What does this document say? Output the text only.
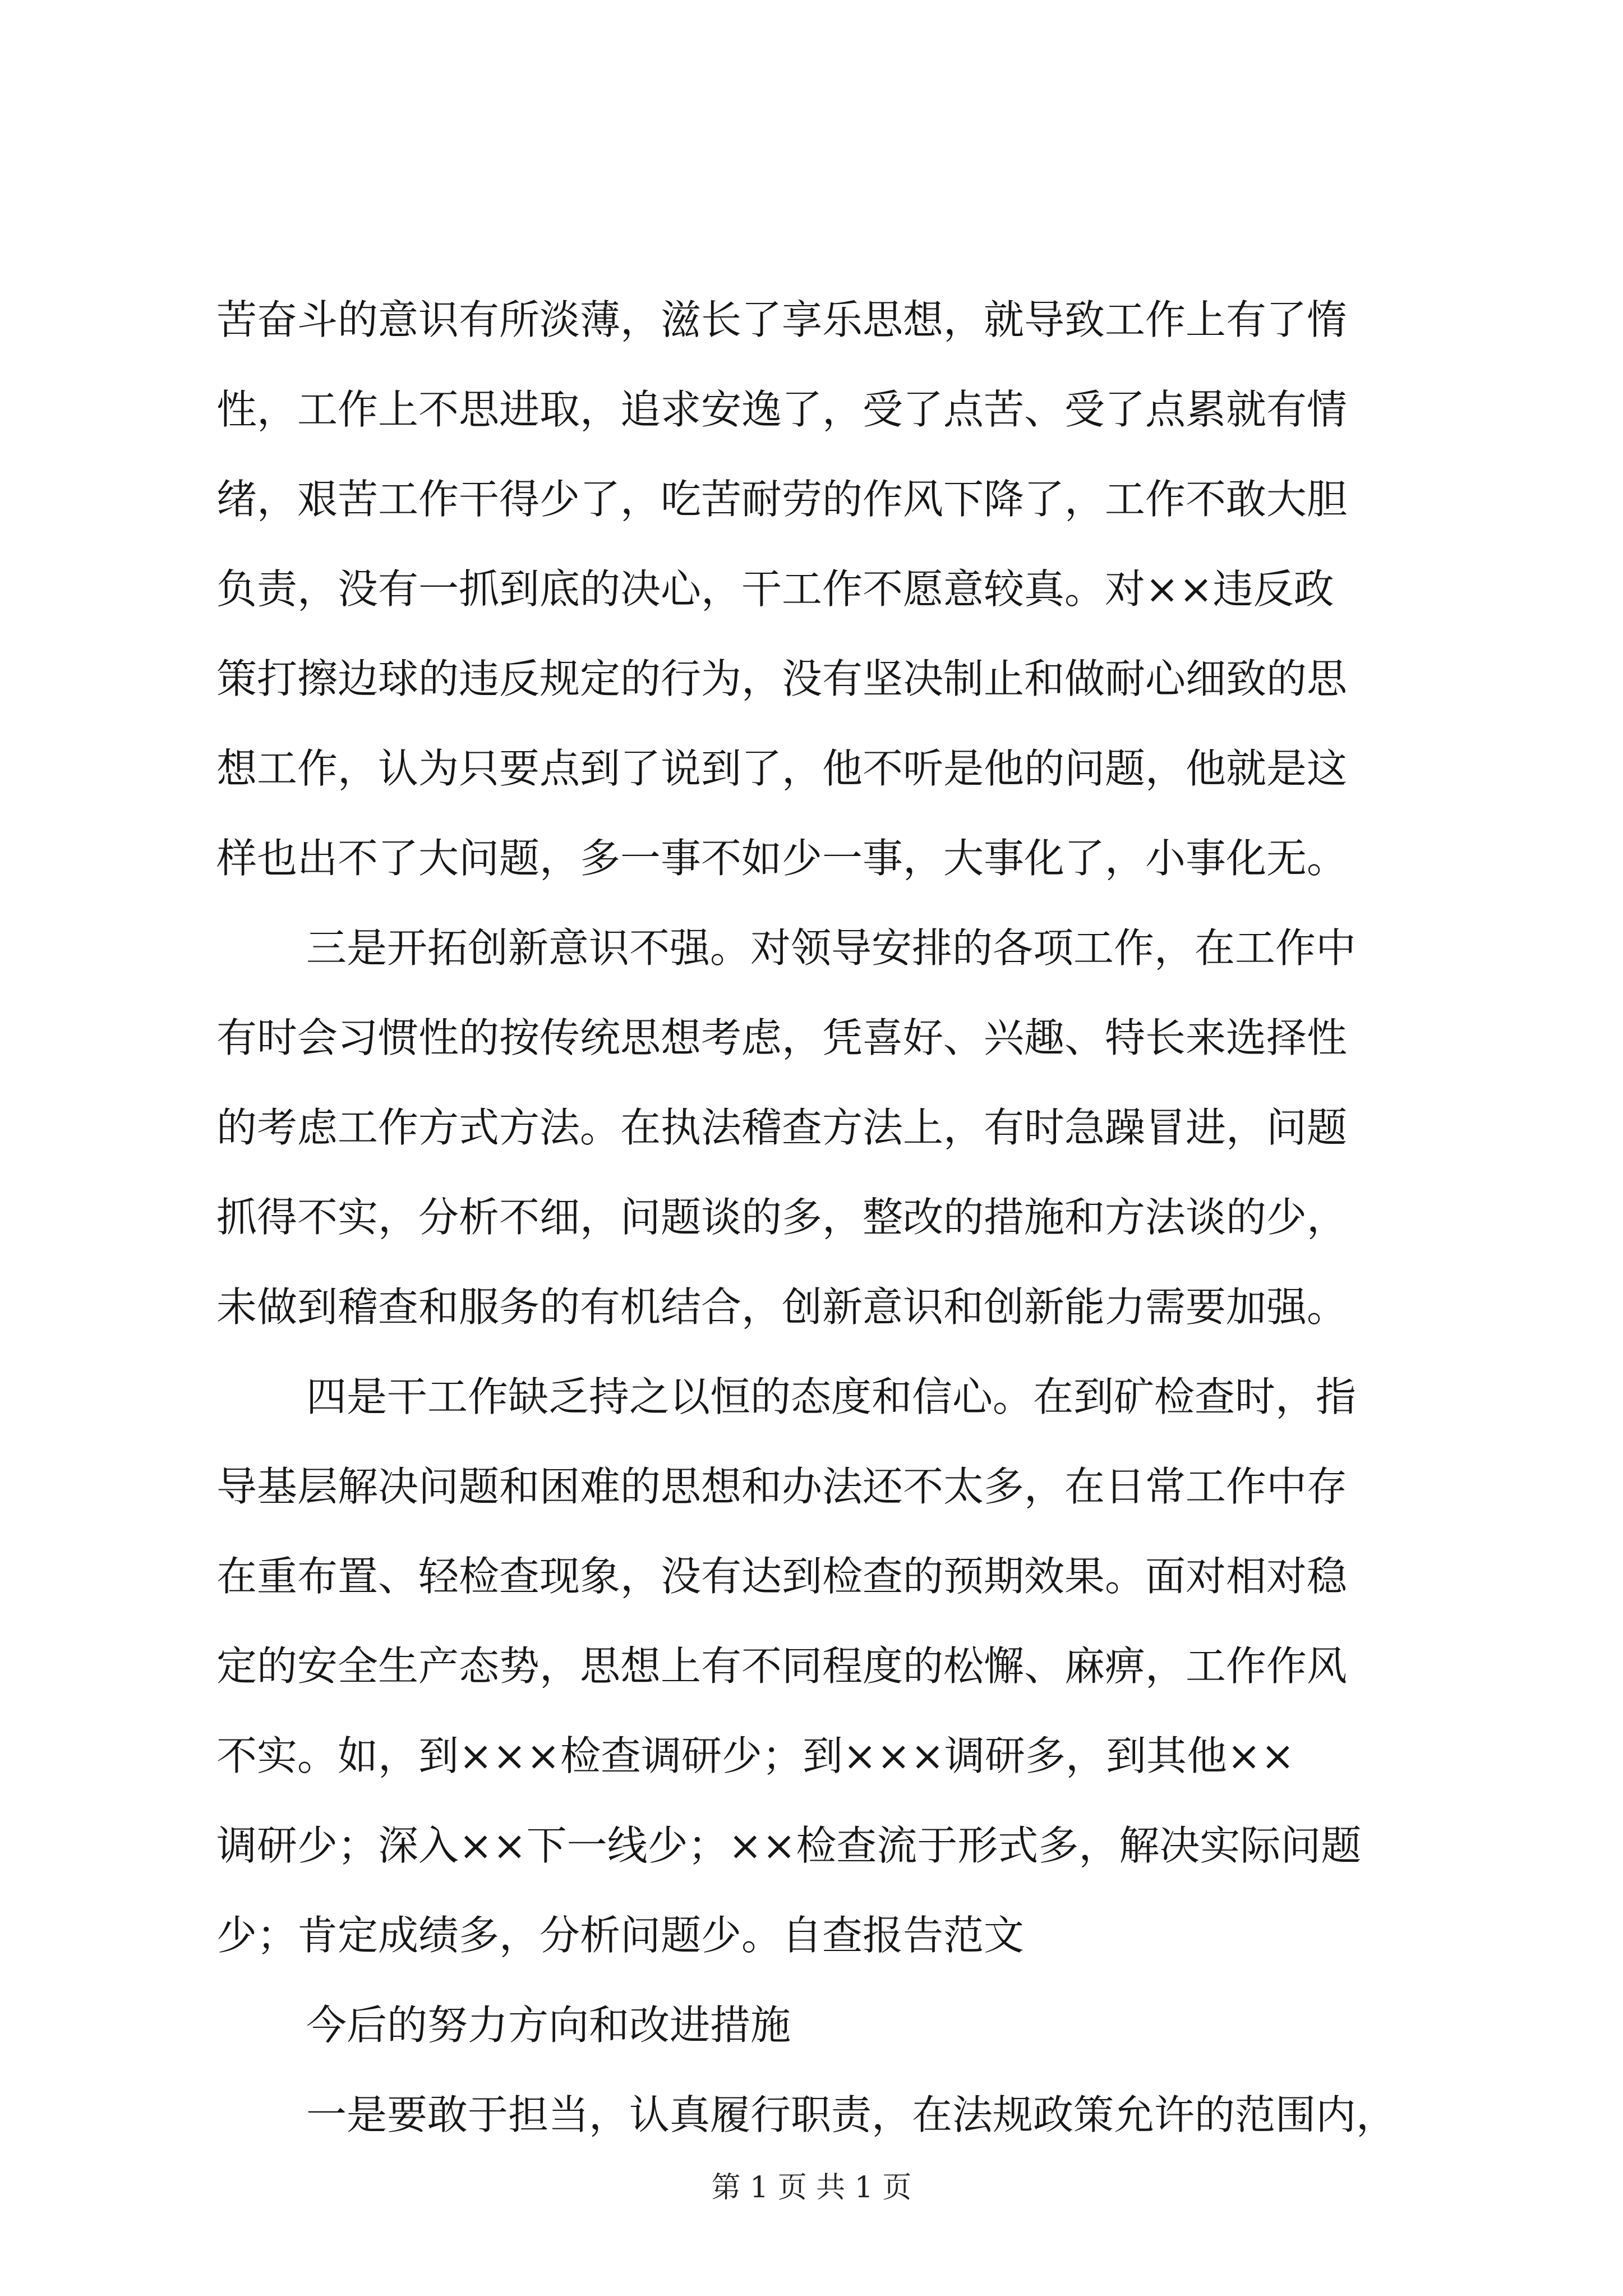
苦奋斗的意识有所淡薄，滋长了享乐思想，就导致工作上有了惰
性，工作上不思进取，追求安逸了，受了点苦、受了点累就有情
绪，艰苦工作干得少了，吃苦耐劳的作风下降了，工作不敢大胆
负责，没有一抓到底的决心，干工作不愿意较真。对××违反政
策打擦边球的违反规定的行为，没有坚决制止和做耐心细致的思
想工作，认为只要点到了说到了，他不听是他的问题，他就是这
样也出不了大问题，多一事不如少一事，大事化了，小事化无。
三是开拓创新意识不强。对领导安排的各项工作，在工作中
有时会习惯性的按传统思想考虑，凭喜好、兴趣、特长来选择性
的考虑工作方式方法。在执法稽查方法上，有时急躁冒进，问题
抓得不实，分析不细，问题谈的多，整改的措施和方法谈的少，
未做到稽查和服务的有机结合，创新意识和创新能力需要加强。
四是干工作缺乏持之以恒的态度和信心。在到矿检查时，指
导基层解决问题和困难的思想和办法还不太多，在日常工作中存
在重布置、轻检查现象，没有达到检查的预期效果。面对相对稳
定的安全生产态势，思想上有不同程度的松懈、麻痹，工作作风
不实。如，到×××检查调研少；到×××调研多，到其他××
调研少；深入××下一线少；××检查流于形式多，解决实际问题
少；肯定成绩多，分析问题少。自查报告范文
今后的努力方向和改进措施
一是要敢于担当，认真履行职责，在法规政策允许的范围内，
第 1 页 共 1 页
